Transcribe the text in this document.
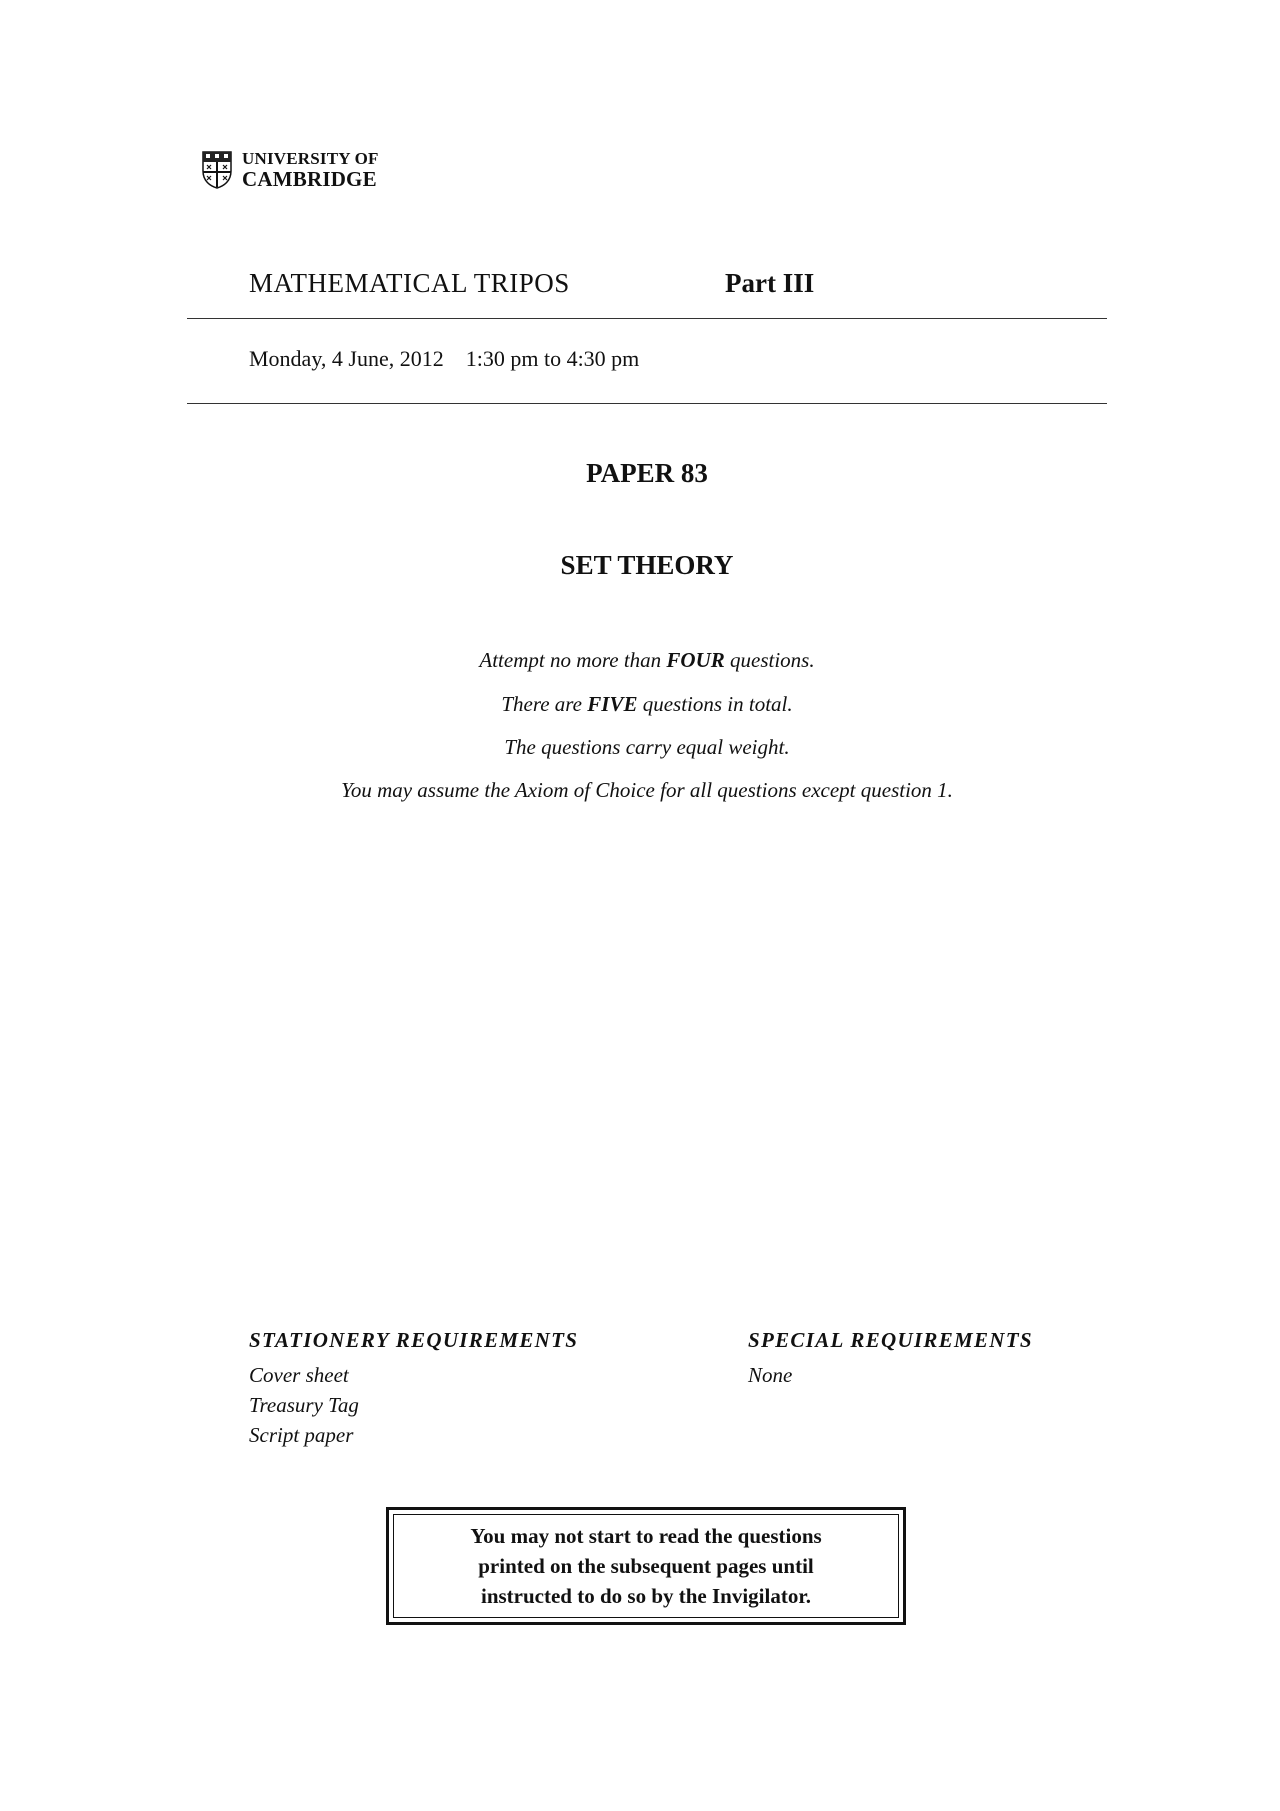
UNIVERSITY OF
CAMBRIDGE
MATHEMATICAL TRIPOS	Part III
Monday, 4 June, 2012 1:30 pm to 4:30 pm
PAPER 83
SET THEORY
Attempt no more than FOUR questions.
There are FIVE questions in total.
The questions carry equal weight.
You may assume the Axiom of Choice for all questions except question 1.
STATIONERY REQUIREMENTS
Cover sheet
Treasury Tag
Script paper
SPECIAL REQUIREMENTS
None
You may not start to read the questions
printed on the subsequent pages until
instructed to do so by the Invigilator.
